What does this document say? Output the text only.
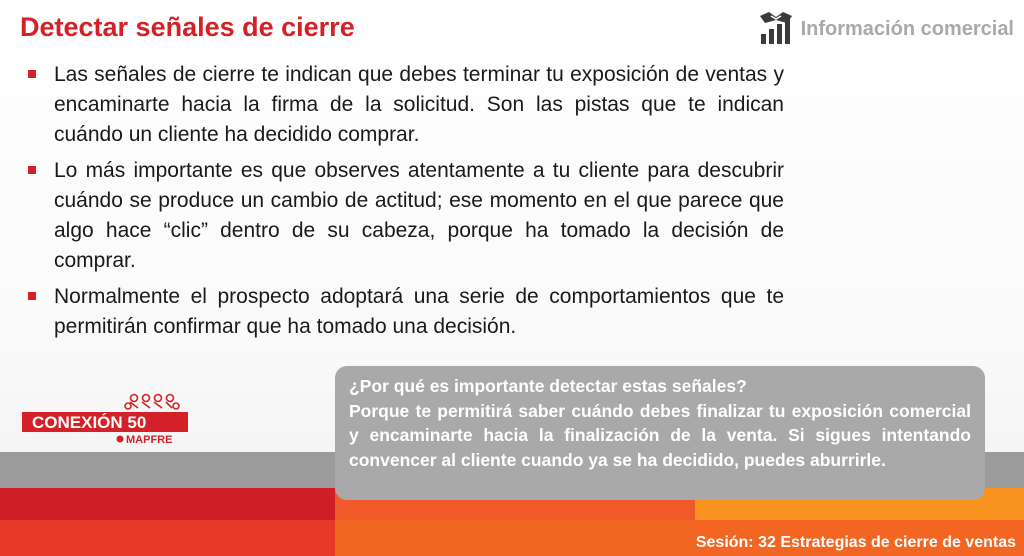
Detectar señales de cierre	Información comercial
Las señales de cierre te indican que debes terminar tu exposición de ventas y encaminarte hacia la firma de la solicitud. Son las pistas que te indican cuándo un cliente ha decidido comprar.
Lo más importante es que observes atentamente a tu cliente para descubrir cuándo se produce un cambio de actitud; ese momento en el que parece que algo hace “clic” dentro de su cabeza, porque ha tomado la decisión de comprar.
Normalmente el prospecto adoptará una serie de comportamientos que te permitirán confirmar que ha tomado una decisión.
CONEXIÓN 50
MAPFRE
Sesión: 32 Estrategias de cierre de ventas

¿Por qué es importante detectar estas señales?

Porque te permitirá saber cuándo debes finalizar tu exposición comercial y encaminarte hacia la finalización de la venta. Si sigues intentando convencer al cliente cuando ya se ha decidido, puedes aburrirle.
